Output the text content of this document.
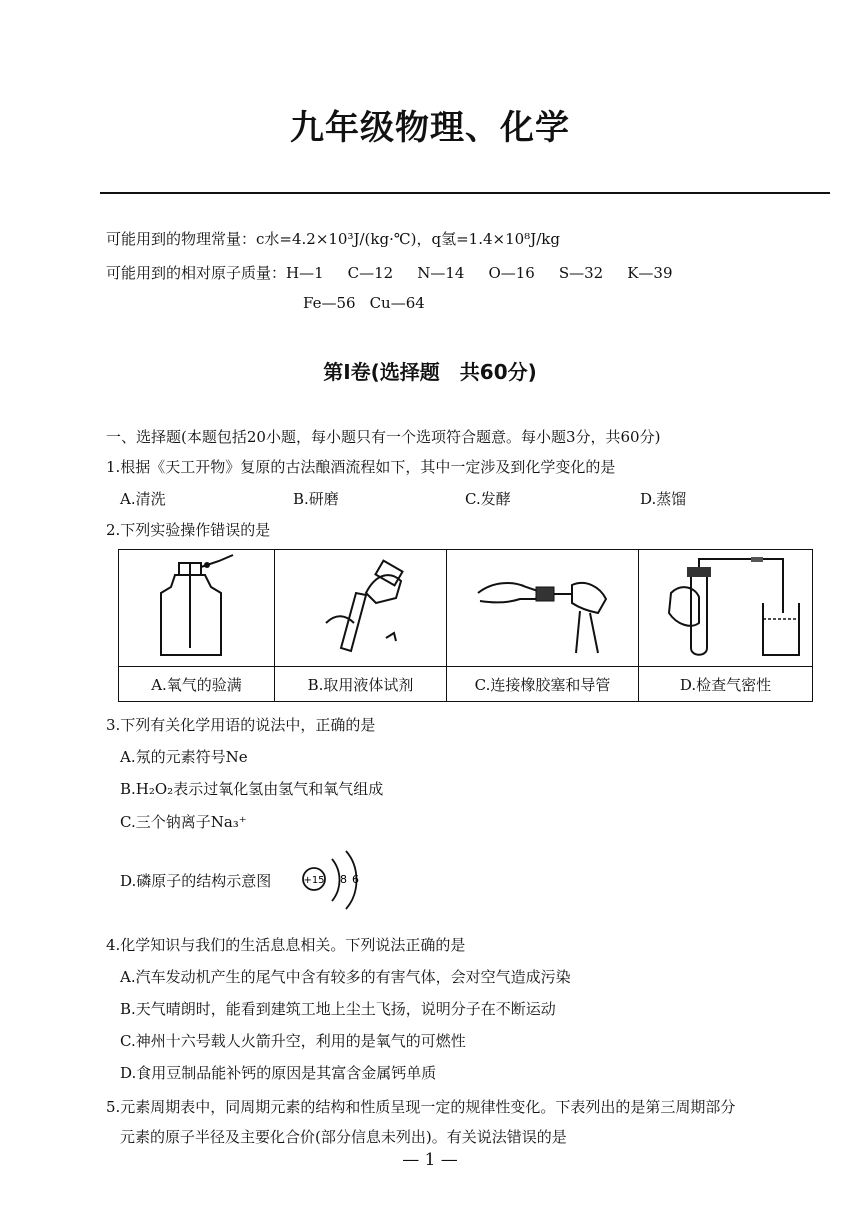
九年级物理、化学
可能用到的物理常量：c水=4.2×10³J/(kg·℃)，q氢=1.4×10⁸J/kg
可能用到的相对原子质量：H—1 C—12 N—14 O—16 S—32 K—39
Fe—56 Cu—64
第Ⅰ卷(选择题　共60分)
一、选择题(本题包括20小题，每小题只有一个选项符合题意。每小题3分，共60分)
1.根据《天工开物》复原的古法酿酒流程如下，其中一定涉及到化学变化的是
A.清洗	B.研磨	C.发酵	D.蒸馏
2.下列实验操作错误的是

A.氧气的验满	B.取用液体试剂	C.连接橡胶塞和导管	D.检查气密性
3.下列有关化学用语的说法中，正确的是
A.氖的元素符号Ne
B.H₂O₂表示过氧化氢由氢气和氧气组成
C.三个钠离子Na₃⁺
D.磷原子的结构示意图	+15 8 6
4.化学知识与我们的生活息息相关。下列说法正确的是
A.汽车发动机产生的尾气中含有较多的有害气体，会对空气造成污染
B.天气晴朗时，能看到建筑工地上尘土飞扬，说明分子在不断运动
C.神州十六号载人火箭升空，利用的是氧气的可燃性
D.食用豆制品能补钙的原因是其富含金属钙单质
5.元素周期表中，同周期元素的结构和性质呈现一定的规律性变化。下表列出的是第三周期部分
元素的原子半径及主要化合价(部分信息未列出)。有关说法错误的是
— 1 —
